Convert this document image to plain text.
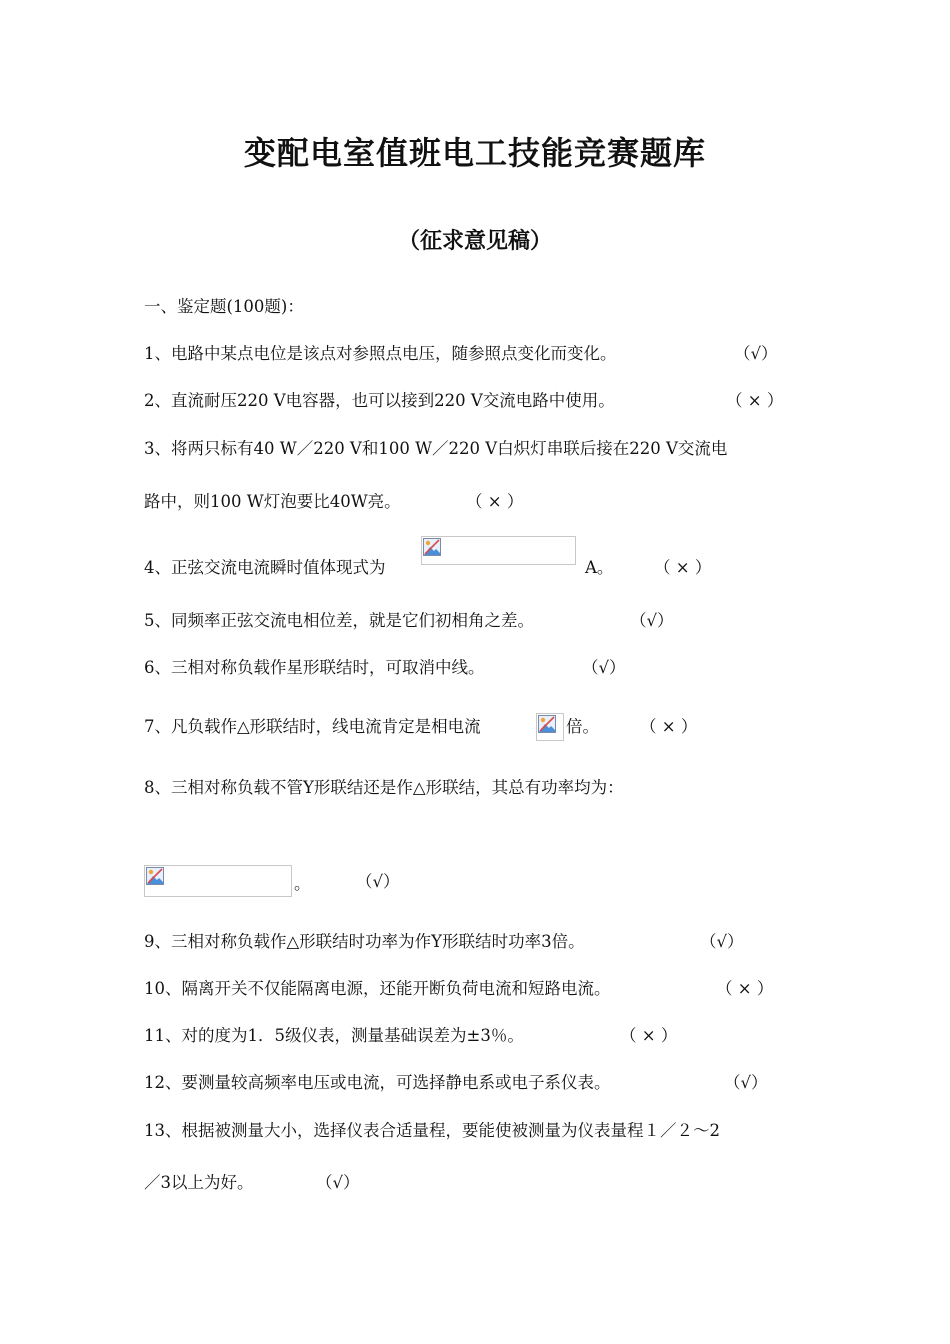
变配电室值班电工技能竞赛题库
（征求意见稿）
一、鉴定题(100题)：
1、电路中某点电位是该点对参照点电压，随参照点变化而变化。	（√）
2、直流耐压220 V电容器，也可以接到220 V交流电路中使用。	（ × ）
3、将两只标有40 W／220 V和100 W／220 V白炽灯串联后接在220 V交流电
路中，则100 W灯泡要比40W亮。	（ × ）
4、正弦交流电流瞬时值体现式为	A。 （ × ）
5、同频率正弦交流电相位差，就是它们初相角之差。	（√）
6、三相对称负载作星形联结时，可取消中线。	（√）
7、凡负载作△形联结时，线电流肯定是相电流	倍。 （ × ）
8、三相对称负载不管Y形联结还是作△形联结，其总有功率均为：
。	（√）
9、三相对称负载作△形联结时功率为作Y形联结时功率3倍。	（√）
10、隔离开关不仅能隔离电源，还能开断负荷电流和短路电流。	（ × ）
11、对的度为1．5级仪表，测量基础误差为±3％。	（ × ）
12、要测量较高频率电压或电流，可选择静电系或电子系仪表。	（√）
13、根据被测量大小，选择仪表合适量程，要能使被测量为仪表量程１／２～2
／3以上为好。	（√）
